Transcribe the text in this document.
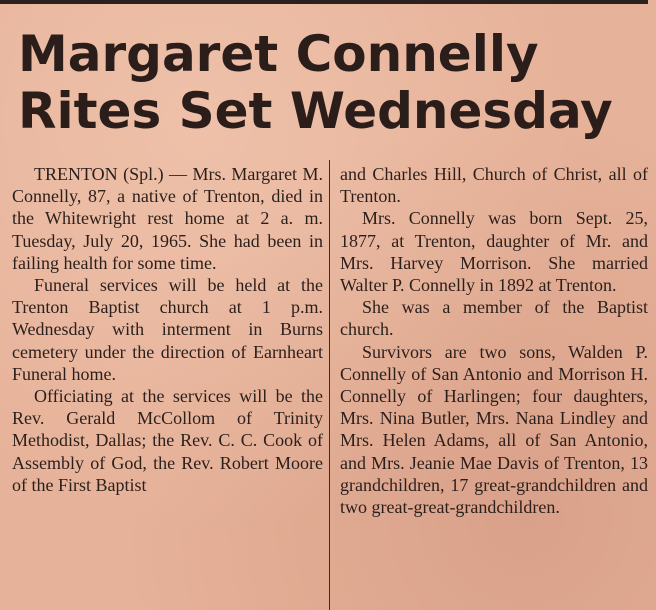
Margaret Connelly
Rites Set Wednesday

TRENTON (Spl.) — Mrs. Margaret M. Connelly, 87, a native of Trenton, died in the Whitewright rest home at 2 a. m. Tuesday, July 20, 1965. She had been in failing health for some time.

Funeral services will be held at the Trenton Baptist church at 1 p.m. Wednesday with interment in Burns cemetery under the direction of Earnheart Funeral home.

Officiating at the services will be the Rev. Gerald McCollom of Trinity Methodist, Dallas; the Rev. C. C. Cook of Assembly of God, the Rev. Robert Moore of the First Baptist

and Charles Hill, Church of Christ, all of Trenton.

Mrs. Connelly was born Sept. 25, 1877, at Trenton, daughter of Mr. and Mrs. Harvey Morrison. She married Walter P. Connelly in 1892 at Trenton.

She was a member of the Baptist church.

Survivors are two sons, Walden P. Connelly of San Antonio and Morrison H. Connelly of Harlingen; four daughters, Mrs. Nina Butler, Mrs. Nana Lindley and Mrs. Helen Adams, all of San Antonio, and Mrs. Jeanie Mae Davis of Trenton, 13 grandchildren, 17 great-grandchildren and two great-great-grandchildren.
